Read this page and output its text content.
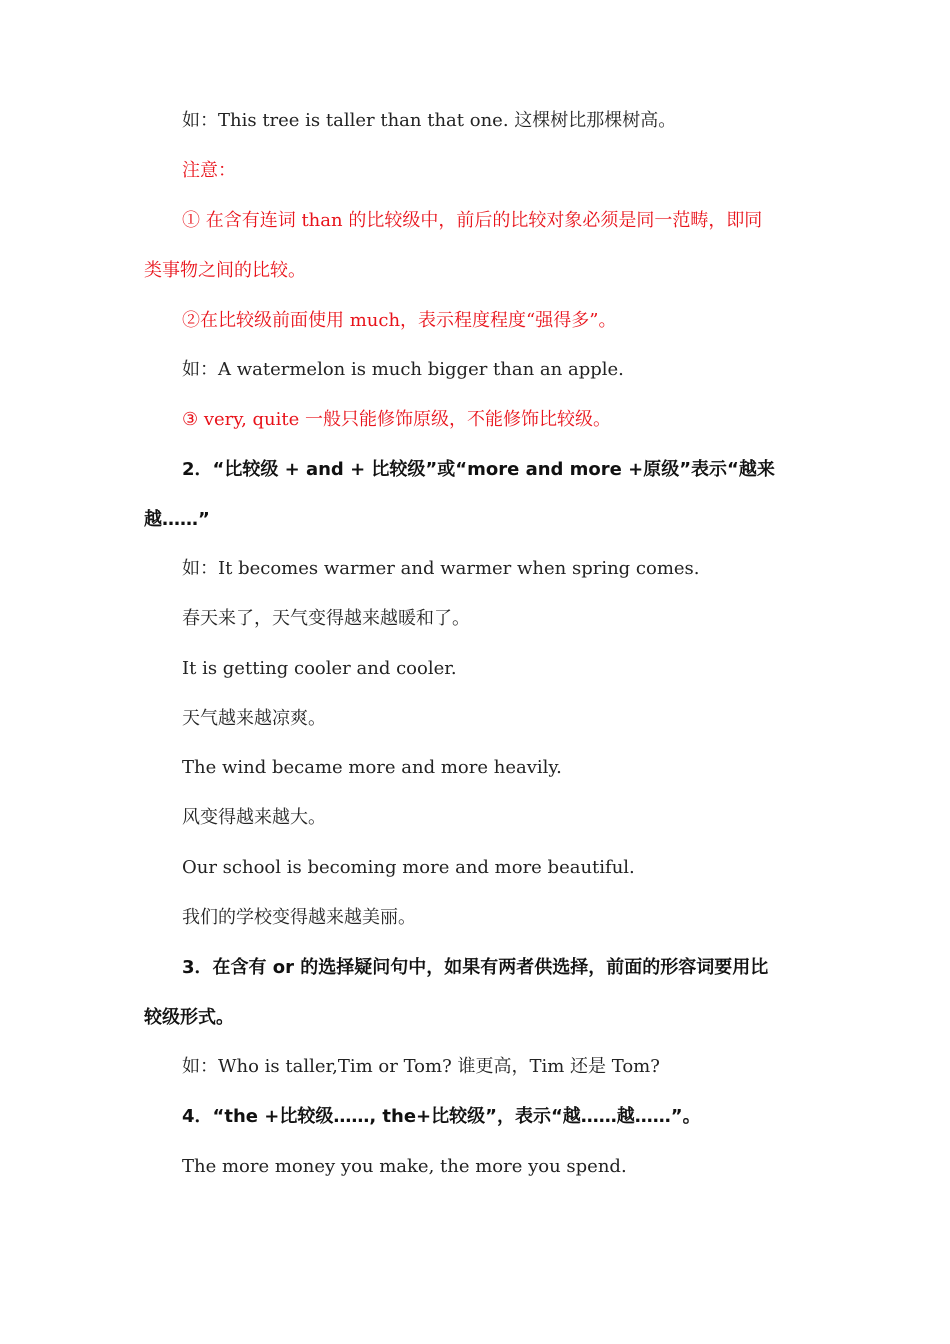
如：This tree is taller than that one. 这棵树比那棵树高。
注意：
① 在含有连词 than 的比较级中，前后的比较对象必须是同一范畴，即同
类事物之间的比较。
②在比较级前面使用 much，表示程度程度“强得多”。
如：A watermelon is much bigger than an apple.
③ very, quite 一般只能修饰原级，不能修饰比较级。
2．“比较级 + and + 比较级”或“more and more +原级”表示“越来
越……”
如：It becomes warmer and warmer when spring comes.
春天来了，天气变得越来越暖和了。
It is getting cooler and cooler.
天气越来越凉爽。
The wind became more and more heavily.
风变得越来越大。
Our school is becoming more and more beautiful.
我们的学校变得越来越美丽。
3．在含有 or 的选择疑问句中，如果有两者供选择，前面的形容词要用比
较级形式。
如：Who is taller,Tim or Tom? 谁更高，Tim 还是 Tom?
4．“the +比较级……, the+比较级”，表示“越……越……”。
The more money you make, the more you spend.
